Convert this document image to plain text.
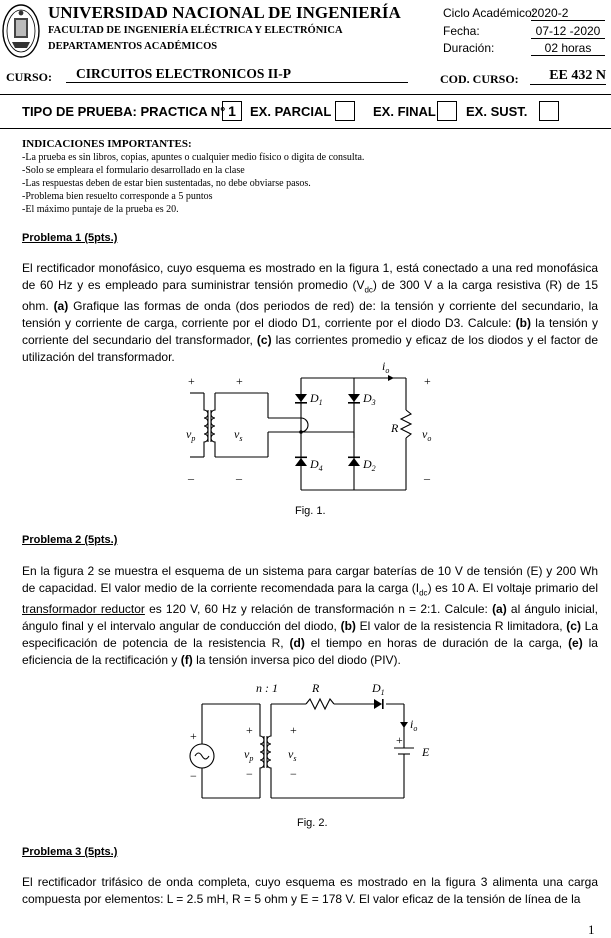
UNIVERSIDAD NACIONAL DE INGENIERÍA
FACULTAD DE INGENIERÍA ELÉCTRICA Y ELECTRÓNICA
DEPARTAMENTOS ACADÉMICOS
Ciclo Académico:
2020-2
Fecha:	07-12 -2020
Duración:	02 horas
CURSO:	CIRCUITOS ELECTRONICOS II-P	COD. CURSO:	EE 432 N
TIPO DE PRUEBA: PRACTICA N° 1	EX. PARCIAL	EX. FINAL EX. SUST.
INDICACIONES IMPORTANTES:
-La prueba es sin libros, copias, apuntes o cualquier medio físico o digita de consulta.
-Solo se empleara el formulario desarrollado en la clase
-Las respuestas deben de estar bien sustentadas, no debe obviarse pasos.
-Problema bien resuelto corresponde a 5 puntos
-El máximo puntaje de la prueba es 20.
Problema 1 (5pts.)
El rectificador monofásico, cuyo esquema es mostrado en la figura 1, está conectado a una red monofásica de 60 Hz y es empleado para suministrar tensión promedio $(V_{dc})$ de 300 V a la carga resistiva (R) de 15 ohm. (a) Grafique las formas de onda (dos periodos de red) de: la tensión y corriente del secundario, la tensión y corriente de carga, corriente por el diodo D1, corriente por el diodo D3. Calcule: (b) la tensión y corriente del secundario del transformador, (c) las corrientes promedio y eficaz de los diodos y el factor de utilización del transformador.
+
_
+
_
+
_
$v_p$	$v_s$
$i_o$
R $v_o$
$D_1$	$D_3$
$D_4$	$D_2$
Fig. 1.
Problema 2 (5pts.)
En la figura 2 se muestra el esquema de un sistema para cargar baterías de 10 V de tensión (E) y 200 Wh de capacidad. El valor medio de la corriente recomendada para la carga $(I_{dc})$ es 10 A. El voltaje primario del transformador reductor es 120 V, 60 Hz y relación de transformación n = 2:1. Calcule: (a) al ángulo inicial, ángulo final y el intervalo angular de conducción del diodo, (b) El valor de la resistencia R limitadora, (c) La especificación de potencia de la resistencia R, (d) el tiempo en horas de duración de la carga, (e) la eficiencia de la rectificación y (f) la tensión inversa pico del diodo (PIV).
n : 1	R	$D_1$
$i_o$
E
+
+
−
+
−
+
−
$v_p$	$v_s$
Fig. 2.
Problema 3 (5pts.)
El rectificador trifásico de onda completa, cuyo esquema es mostrado en la figura 3 alimenta una carga compuesta por elementos: L = 2.5 mH, R = 5 ohm y E = 178 V. El valor eficaz de la tensión de línea de la
1
